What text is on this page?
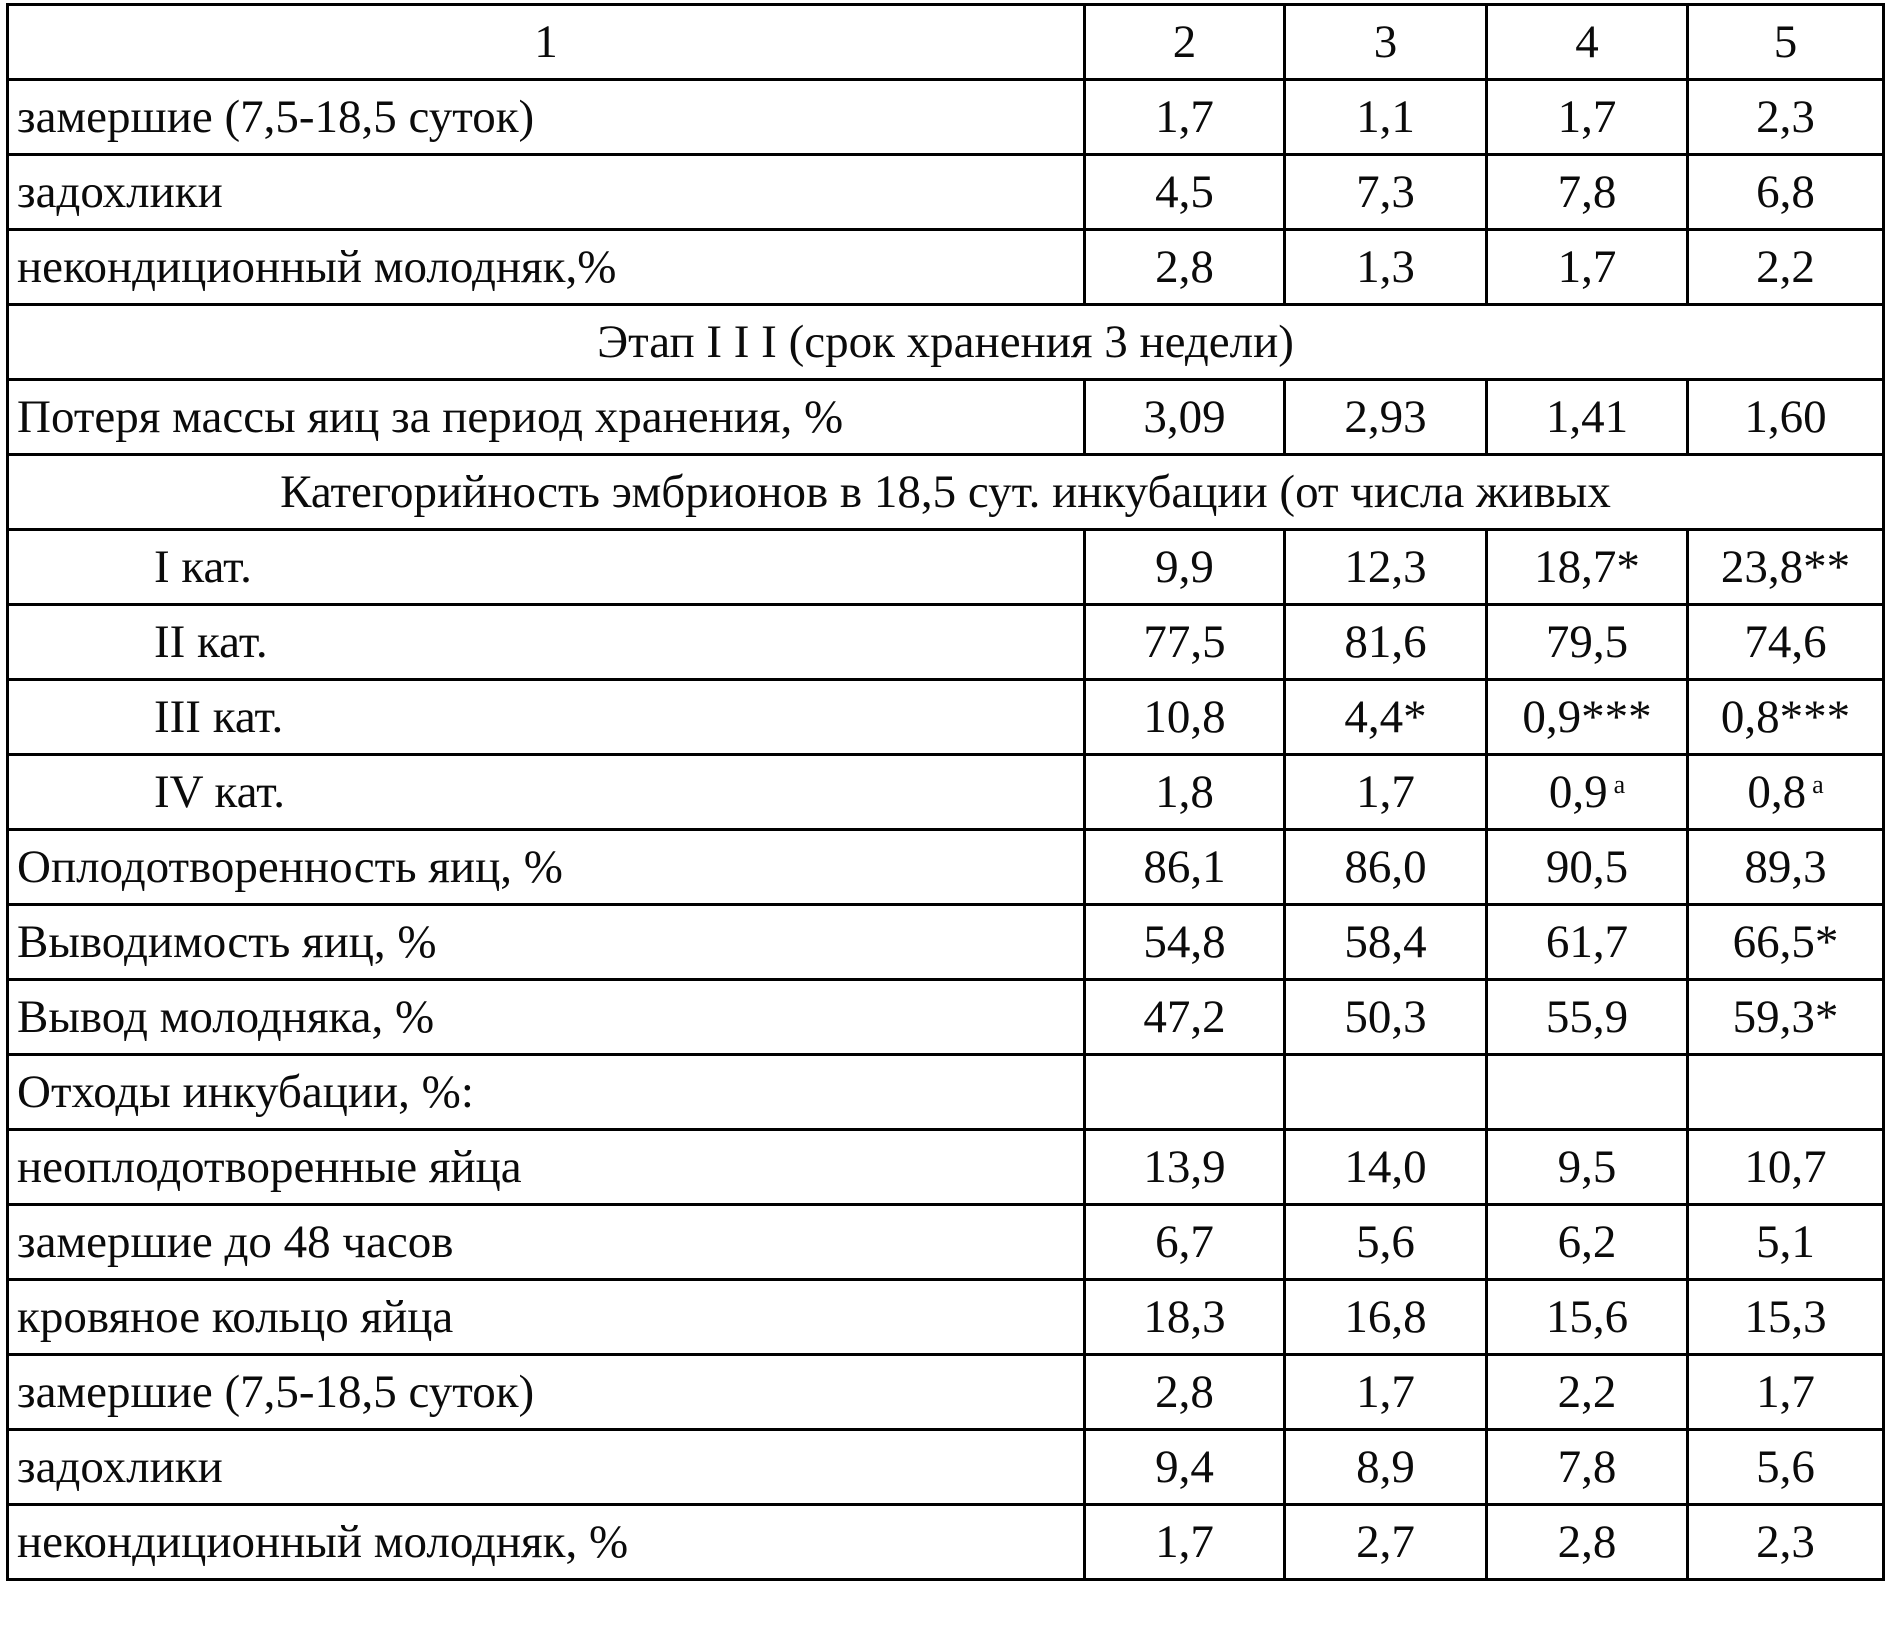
1	2	3	4	5
замершие (7,5-18,5 суток)	1,7	1,1	1,7	2,3
задохлики	4,5	7,3	7,8	6,8
некондиционный молодняк,%	2,8	1,3	1,7	2,2
Этап I I I (срок хранения 3 недели)				
Потеря массы яиц за период хранения, %	3,09	2,93	1,41	1,60
Категорийность эмбрионов в 18,5 сут. инкубации (от числа живых				
I кат.	9,9	12,3	18,7*	23,8**
II кат.	77,5	81,6	79,5	74,6
III кат.	10,8	4,4*	0,9***	0,8***
IV кат.	1,8	1,7	0,9 $^а$	0,8 $^а$
Оплодотворенность яиц, %	86,1	86,0	90,5	89,3
Выводимость яиц, %	54,8	58,4	61,7	66,5*
Вывод молодняка, %	47,2	50,3	55,9	59,3*
Отходы инкубации, %:				
неоплодотворенные яйца	13,9	14,0	9,5	10,7
замершие до 48 часов	6,7	5,6	6,2	5,1
кровяное кольцо яйца	18,3	16,8	15,6	15,3
замершие (7,5-18,5 суток)	2,8	1,7	2,2	1,7
задохлики	9,4	8,9	7,8	5,6
некондиционный молодняк, %	1,7	2,7	2,8	2,3
